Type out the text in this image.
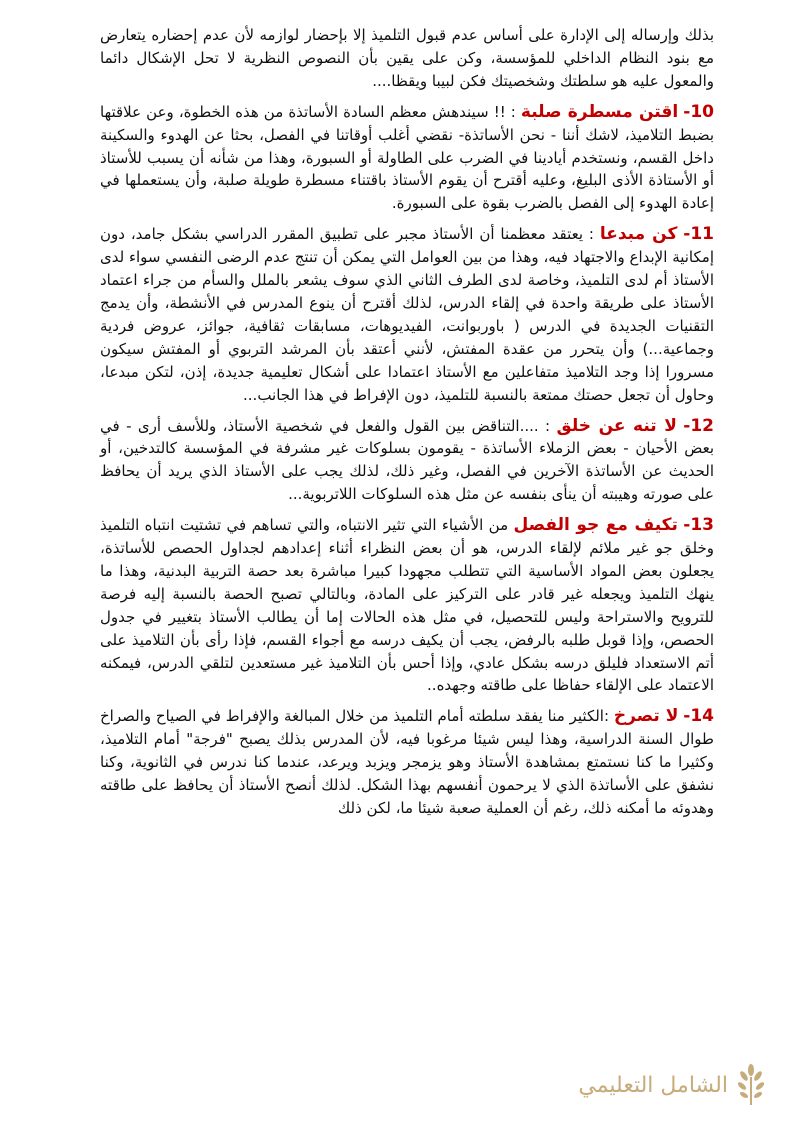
بذلك وإرساله إلى الإدارة على أساس عدم قبول التلميذ إلا بإحضار لوازمه لأن عدم إحضاره يتعارض مع بنود النظام الداخلي للمؤسسة، وكن على يقين بأن النصوص النظرية لا تحل الإشكال دائما والمعول عليه هو سلطتك وشخصيتك فكن لبيبا ويقظا....

10- اقتن مسطرة صلبة : !! سيندهش معظم السادة الأساتذة من هذه الخطوة، وعن علاقتها بضبط التلاميذ، لاشك أننا - نحن الأساتذة- نقضي أغلب أوقاتنا في الفصل، بحثا عن الهدوء والسكينة داخل القسم، ونستخدم أيادينا في الضرب على الطاولة أو السبورة، وهذا من شأنه أن يسبب للأستاذ أو الأستاذة الأذى البليغ، وعليه أقترح أن يقوم الأستاذ باقتناء مسطرة طويلة صلبة، وأن يستعملها في إعادة الهدوء إلى الفصل بالضرب بقوة على السبورة.

11- كن مبدعا : يعتقد معظمنا أن الأستاذ مجبر على تطبيق المقرر الدراسي بشكل جامد، دون إمكانية الإبداع والاجتهاد فيه، وهذا من بين العوامل التي يمكن أن تنتج عدم الرضى النفسي سواء لدى الأستاذ أم لدى التلميذ، وخاصة لدى الطرف الثاني الذي سوف يشعر بالملل والسأم من جراء اعتماد الأستاذ على طريقة واحدة في إلقاء الدرس، لذلك أقترح أن ينوع المدرس في الأنشطة، وأن يدمج التقنيات الجديدة في الدرس ( باوربوانت، الفيديوهات، مسابقات ثقافية، جوائز، عروض فردية وجماعية...) وأن يتحرر من عقدة المفتش، لأنني أعتقد بأن المرشد التربوي أو المفتش سيكون مسرورا إذا وجد التلاميذ متفاعلين مع الأستاذ اعتمادا على أشكال تعليمية جديدة، إذن، لتكن مبدعا، وحاول أن تجعل حصتك ممتعة بالنسبة للتلميذ، دون الإفراط في هذا الجانب...

12- لا تنه عن خلق : ....التناقض بين القول والفعل في شخصية الأستاذ، وللأسف أرى - في بعض الأحيان - بعض الزملاء الأساتذة - يقومون بسلوكات غير مشرفة في المؤسسة كالتدخين، أو الحديث عن الأساتذة الآخرين في الفصل، وغير ذلك، لذلك يجب على الأستاذ الذي يريد أن يحافظ على صورته وهيبته أن ينأى بنفسه عن مثل هذه السلوكات اللاتربوية...

13- تكيف مع جو الفصل من الأشياء التي تثير الانتباه، والتي تساهم في تشتيت انتباه التلميذ وخلق جو غير ملائم لإلقاء الدرس، هو أن بعض النظراء أثناء إعدادهم لجداول الحصص للأساتذة، يجعلون بعض المواد الأساسية التي تتطلب مجهودا كبيرا مباشرة بعد حصة التربية البدنية، وهذا ما ينهك التلميذ ويجعله غير قادر على التركيز على المادة، وبالتالي تصبح الحصة بالنسبة إليه فرصة للترويح والاستراحة وليس للتحصيل، في مثل هذه الحالات إما أن يطالب الأستاذ بتغيير في جدول الحصص، وإذا قوبل طلبه بالرفض، يجب أن يكيف درسه مع أجواء القسم، فإذا رأى بأن التلاميذ على أتم الاستعداد فليلق درسه بشكل عادي، وإذا أحس بأن التلاميذ غير مستعدين لتلقي الدرس، فيمكنه الاعتماد على الإلقاء حفاظا على طاقته وجهده..

14- لا تصرخ :الكثير منا يفقد سلطته أمام التلميذ من خلال المبالغة والإفراط في الصياح والصراخ طوال السنة الدراسية، وهذا ليس شيئا مرغوبا فيه، لأن المدرس بذلك يصبح "فرجة" أمام التلاميذ، وكثيرا ما كنا نستمتع بمشاهدة الأستاذ وهو يزمجر ويزبد ويرعد، عندما كنا ندرس في الثانوية، وكنا نشفق على الأساتذة الذي لا يرحمون أنفسهم بهذا الشكل. لذلك أنصح الأستاذ أن يحافظ على طاقته وهدوئه ما أمكنه ذلك، رغم أن العملية صعبة شيئا ما، لكن ذلك

الشامل التعليمي
